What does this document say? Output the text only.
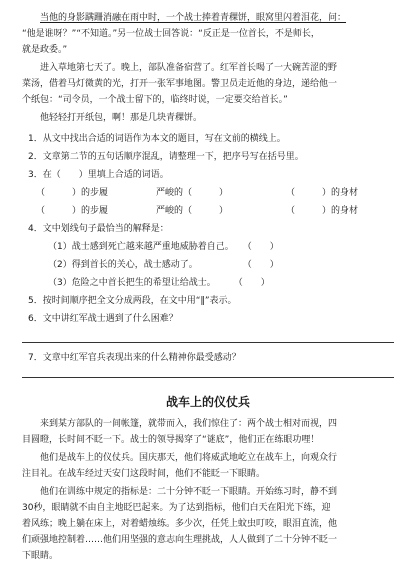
当他的身影蹒跚消融在雨中时，一个战士捧着青稞饼，眼窝里闪着泪花，问：

“他是谁呀？”“不知道。”另一位战士回答说：“反正是一位首长，不是师长，

就是政委。”

进入草地第七天了。晚上，部队准备宿营了。红军首长喝了一大碗苦涩的野

菜汤，借着马灯微黄的光，打开一张军事地图。警卫员走近他的身边，递给他一

个纸包：“司令员，一个战士留下的，临终时说，一定要交给首长。”

他轻轻打开纸包，啊！那是几块青稞饼。

1．从文中找出合适的词语作为本文的题目，写在文前的横线上。

2．文章第二节的五句话顺序混乱，请整理一下，把序号写在括号里。

3．在（　　）里填上合适的词语。

（　　　）的步履	严峻的（　　　）	（　　　）的身材
（　　　）的步履	严峻的（　　　）	（　　　）的身材

4．文中划线句子最恰当的解释是：

（1）战士感到死亡越来越严重地威胁着自己。　　（　　）
（2）得到首长的关心，战士感动了。　　　　　　（　　）
（3）危险之中首长把生的希望让给战士。　　　（　　）

5．按时间顺序把全文分成两段，在文中用“‖”表示。

6．文中讲红军战士遇到了什么困难？

7．文章中红军官兵表现出来的什么精神你最受感动？

战车上的仪仗兵

来到某方部队的一间帐篷，就带而入，我们惊住了：两个战士相对而视，四

目圆瞪，长时间不眨一下。战士的领导揭穿了“谜底”，他们正在练眼功哩！

他们是战车上的仪仗兵。国庆那天，他们将威武地屹立在战车上，向观众行

注目礼。在战车经过天安门这段时间，他们不能眨一下眼睛。

他们在训练中规定的指标是：二十分钟不眨一下眼睛。开始练习时，静不到

30秒，眼睛就不由自主地眨巴起来。为了达到指标，他们白天在阳光下练，迎

着风练；晚上躺在床上，对着蜡烛练。多少次，任凭上蚊虫叮咬，眼泪直流，他

们顽强地控制着……他们用坚强的意志向生理挑战，人人做到了二十分钟不眨一

下眼睛。
